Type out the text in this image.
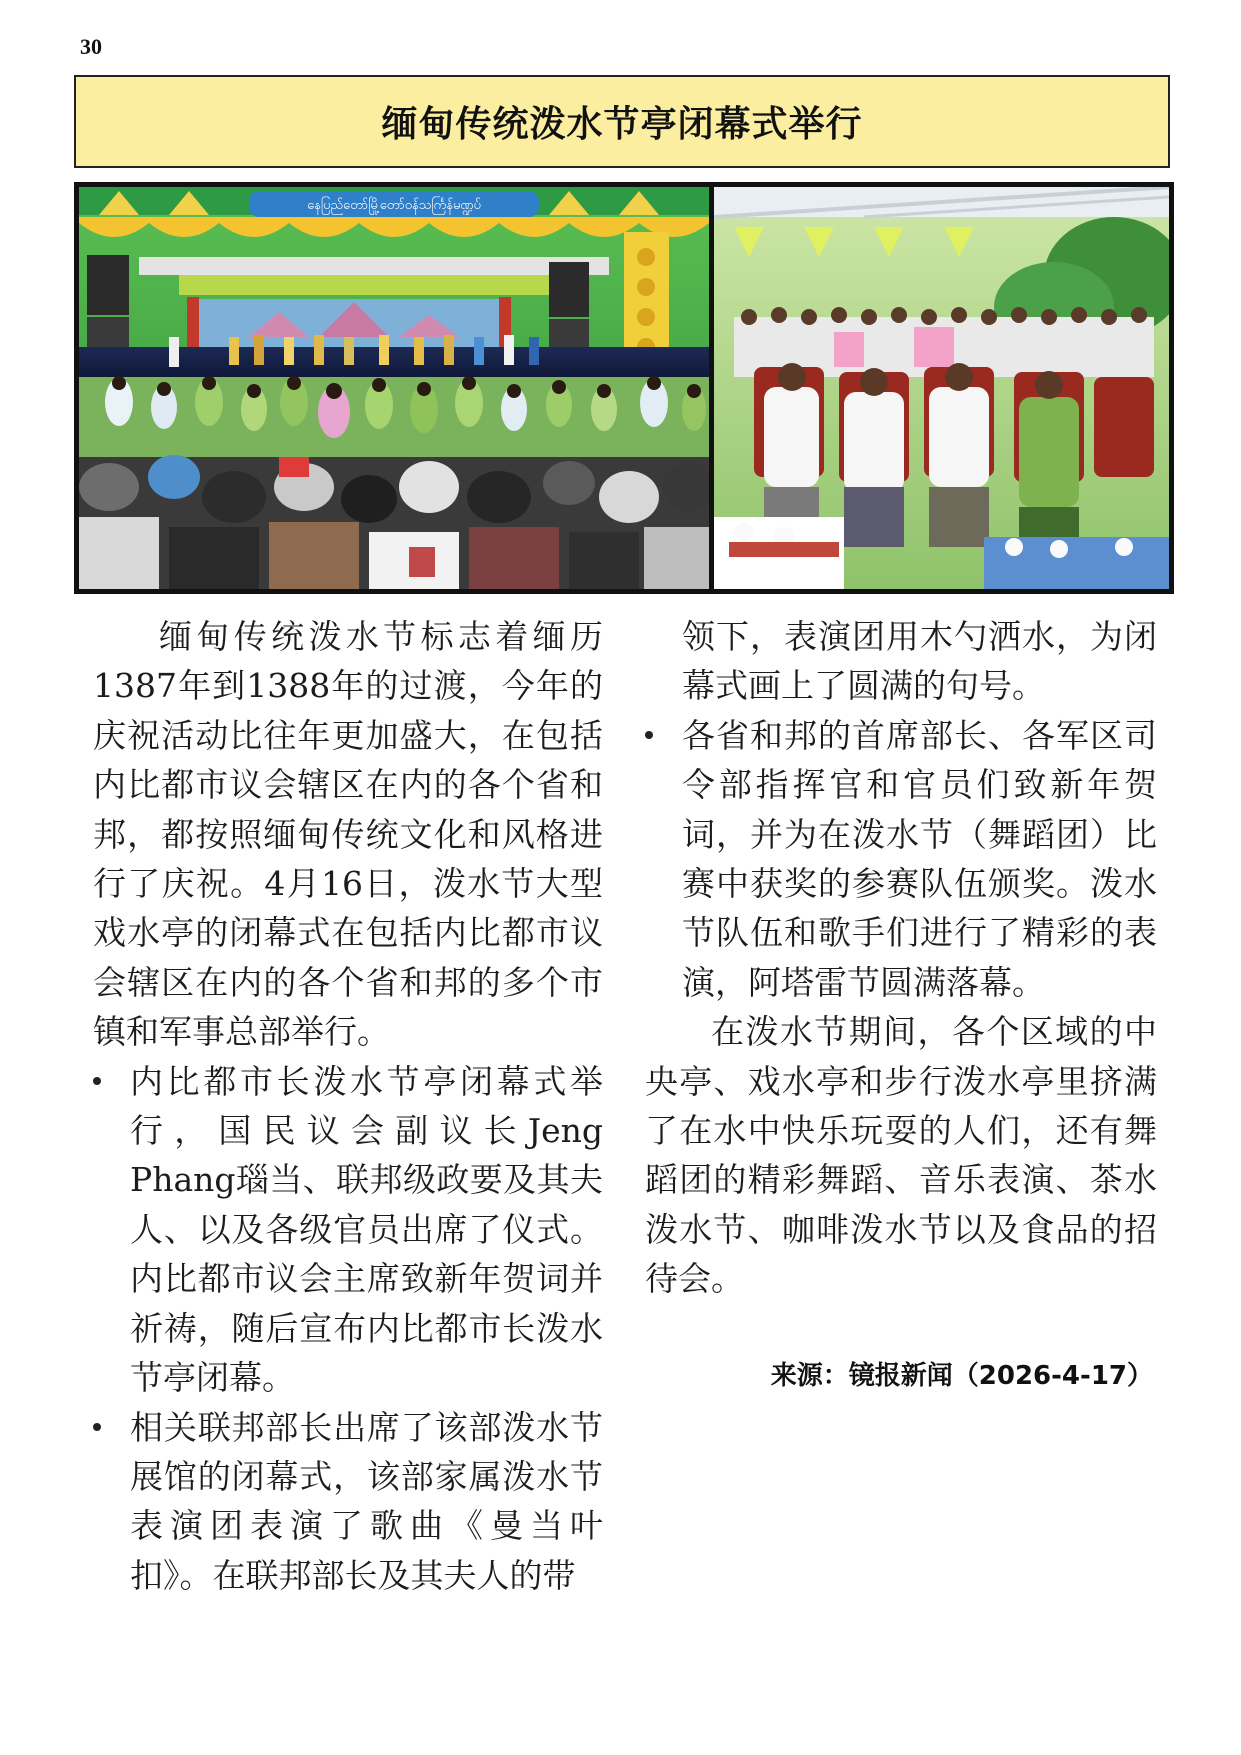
30
缅甸传统泼水节亭闭幕式举行
နေပြည်တော်မြို့တော်ဝန်သင်္ကြန်မဏ္ဍပ်

缅甸传统泼水节标志着缅历1387年到1388年的过渡，今年的庆祝活动比往年更加盛大，在包括内比都市议会辖区在内的各个省和邦，都按照缅甸传统文化和风格进行了庆祝。4月16日，泼水节大型戏水亭的闭幕式在包括内比都市议会辖区在内的各个省和邦的多个市镇和军事总部举行。

内比都市长泼水节亭闭幕式举行，国民议会副议长Jeng Phang瑙当、联邦级政要及其夫人、以及各级官员出席了仪式。内比都市议会主席致新年贺词并祈祷，随后宣布内比都市长泼水节亭闭幕。
相关联邦部长出席了该部泼水节展馆的闭幕式，该部家属泼水节表演团表演了歌曲《曼当叶扣》。在联邦部长及其夫人的带
领下，表演团用木勺洒水，为闭幕式画上了圆满的句号。
各省和邦的首席部长、各军区司令部指挥官和官员们致新年贺词，并为在泼水节（舞蹈团）比赛中获奖的参赛队伍颁奖。泼水节队伍和歌手们进行了精彩的表演，阿塔雷节圆满落幕。

在泼水节期间，各个区域的中央亭、戏水亭和步行泼水亭里挤满了在水中快乐玩耍的人们，还有舞蹈团的精彩舞蹈、音乐表演、茶水泼水节、咖啡泼水节以及食品的招待会。

来源：镜报新闻（2026-4-17）
